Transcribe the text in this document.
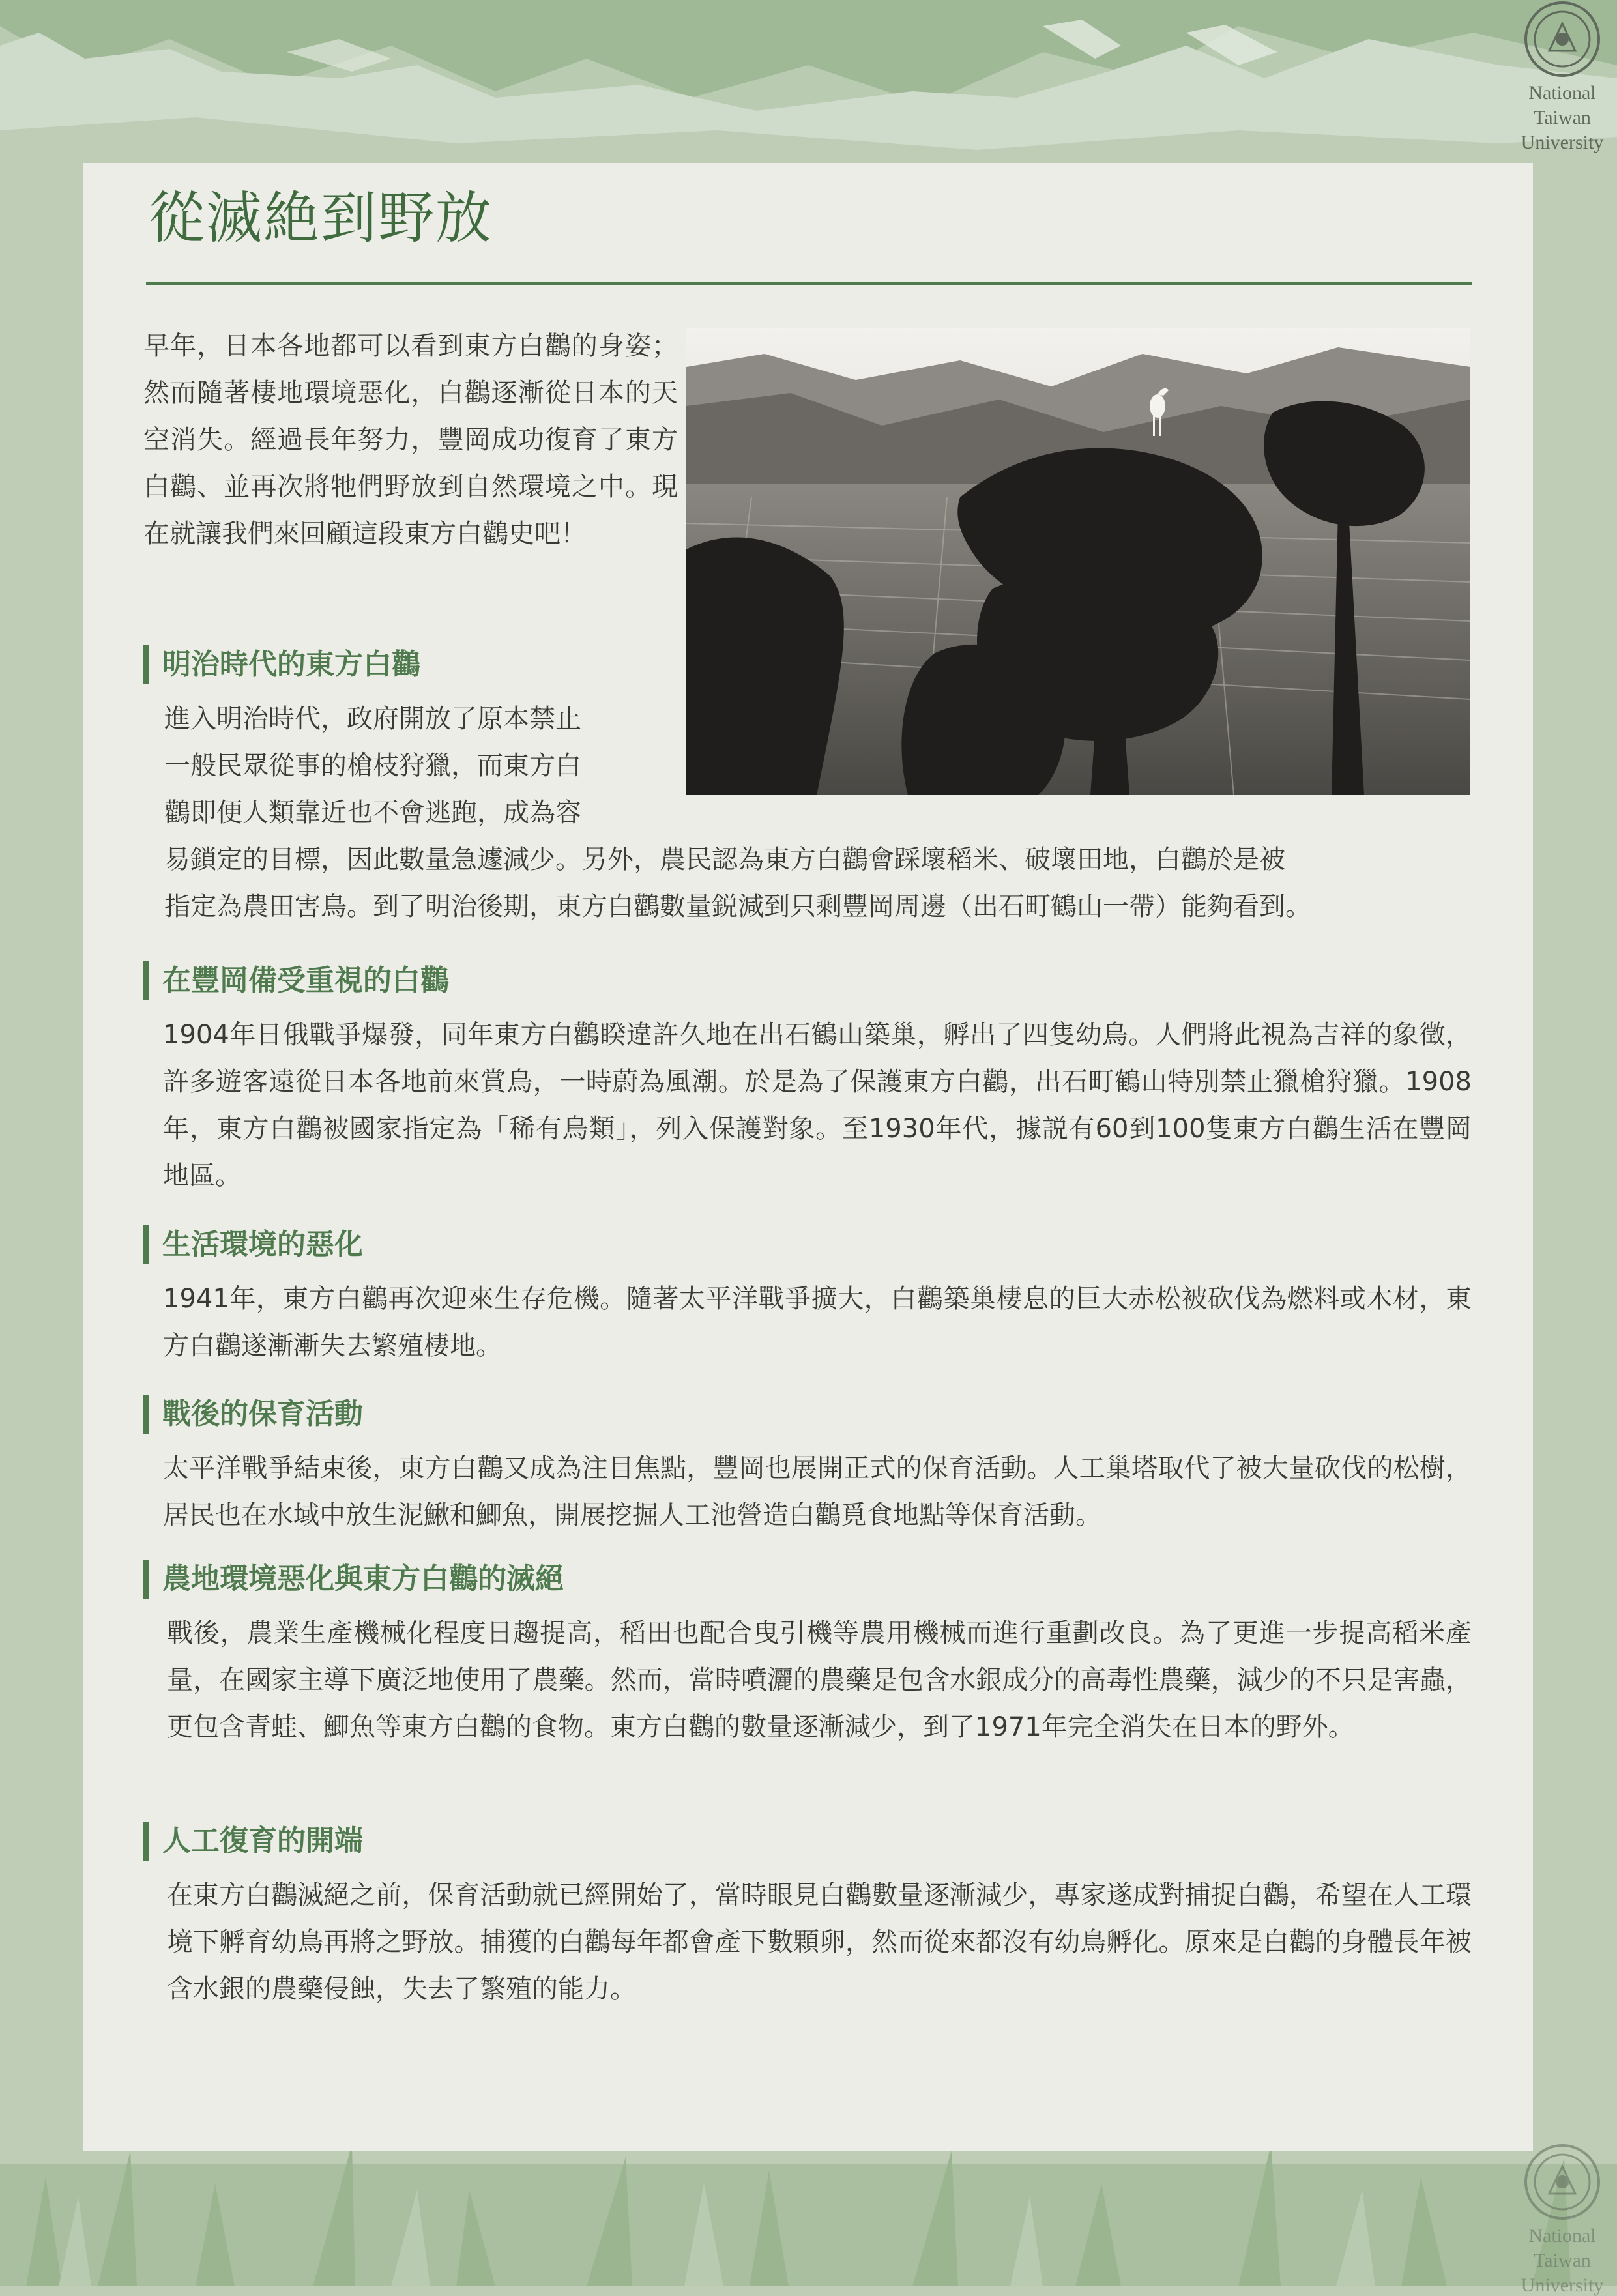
National
Taiwan
University
National
Taiwan
University
從滅絶到野放

早年，日本各地都可以看到東方白鸛的身姿；然而隨著棲地環境惡化，白鸛逐漸從日本的天空消失。經過長年努力，豐岡成功復育了東方白鸛、並再次將牠們野放到自然環境之中。現在就讓我們來回顧這段東方白鸛史吧！

明治時代的東方白鸛
進入明治時代，政府開放了原本禁止
一般民眾從事的槍枝狩獵，而東方白
鸛即便人類靠近也不會逃跑，成為容
易鎖定的目標，因此數量急遽減少。另外，農民認為東方白鸛會踩壞稻米、破壞田地，白鸛於是被
指定為農田害鳥。到了明治後期，東方白鸛數量鋭減到只剩豐岡周邊（出石町鶴山一帶）能夠看到。
在豐岡備受重視的白鸛

1904年日俄戰爭爆發，同年東方白鸛睽違許久地在出石鶴山築巢，孵出了四隻幼鳥。人們將此視為吉祥的象徵，許多遊客遠從日本各地前來賞鳥，一時蔚為風潮。於是為了保護東方白鸛，出石町鶴山特別禁止獵槍狩獵。1908年，東方白鸛被國家指定為「稀有鳥類」，列入保護對象。至1930年代，據説有60到100隻東方白鸛生活在豐岡地區。

生活環境的惡化

1941年，東方白鸛再次迎來生存危機。隨著太平洋戰爭擴大，白鸛築巢棲息的巨大赤松被砍伐為燃料或木材，東方白鸛遂漸漸失去繁殖棲地。

戰後的保育活動

太平洋戰爭結束後，東方白鸛又成為注目焦點，豐岡也展開正式的保育活動。人工巢塔取代了被大量砍伐的松樹，居民也在水域中放生泥鰍和鯽魚，開展挖掘人工池營造白鸛覓食地點等保育活動。

農地環境惡化與東方白鸛的滅絕

戰後，農業生產機械化程度日趨提高，稻田也配合曳引機等農用機械而進行重劃改良。為了更進一步提高稻米產量，在國家主導下廣泛地使用了農藥。然而，當時噴灑的農藥是包含水銀成分的高毒性農藥，減少的不只是害蟲，更包含青蛙、鯽魚等東方白鸛的食物。東方白鸛的數量逐漸減少，到了1971年完全消失在日本的野外。

人工復育的開端

在東方白鸛滅絕之前，保育活動就已經開始了，當時眼見白鸛數量逐漸減少，專家遂成對捕捉白鸛，希望在人工環境下孵育幼鳥再將之野放。捕獲的白鸛每年都會產下數顆卵，然而從來都沒有幼鳥孵化。原來是白鸛的身體長年被含水銀的農藥侵蝕，失去了繁殖的能力。
